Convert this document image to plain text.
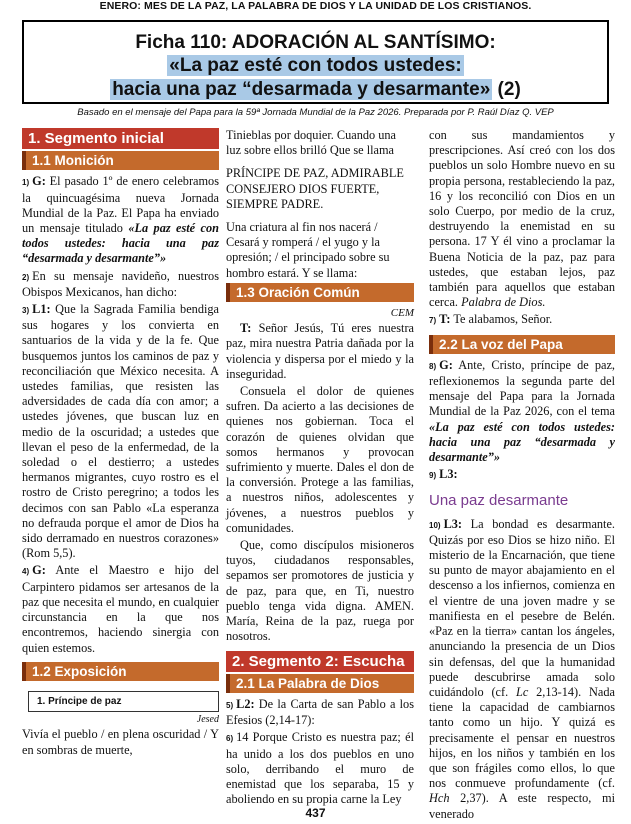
ENERO: MES DE LA PAZ, LA PALABRA DE DIOS Y LA UNIDAD DE LOS CRISTIANOS.
Ficha 110: ADORACIÓN AL SANTÍSIMO:
«La paz esté con todos ustedes:
hacia una paz “desarmada y desarmante» (2)
Basado en el mensaje del Papa para la 59ª Jornada Mundial de la Paz 2026. Preparada por P. Raúl Díaz Q. VEP
1. Segmento inicial
1.1 Monición

1) G: El pasado 1º de enero celebramos la quincuagésima nueva Jornada Mundial de la Paz. El Papa ha enviado un mensaje titulado «La paz esté con todos ustedes: hacia una paz “desarmada y desarmante”»

2) En su mensaje navideño, nuestros Obispos Mexicanos, han dicho:

3) L1: Que la Sagrada Familia bendiga sus hogares y los convierta en santuarios de la vida y de la fe. Que busquemos juntos los caminos de paz y reconciliación que México necesita. A ustedes familias, que resisten las adversidades de cada día con amor; a ustedes jóvenes, que buscan luz en medio de la oscuridad; a ustedes que llevan el peso de la enfermedad, de la soledad o el destierro; a ustedes hermanos migrantes, cuyo rostro es el rostro de Cristo peregrino; a todos les decimos con san Pablo «La esperanza no defrauda porque el amor de Dios ha sido derramado en nuestros corazones» (Rom 5,5).

4) G: Ante el Maestro e hijo del Carpintero pidamos ser artesanos de la paz que necesita el mundo, en cualquier circunstancia en la que nos encontremos, haciendo sinergia con quien estemos.

1.2 Exposición
1. Príncipe de paz
Jesed

Vivía el pueblo / en plena oscuridad / Y en sombras de muerte,

Tinieblas por doquier. Cuando una luz sobre ellos brilló Que se llama

PRÍNCIPE DE PAZ, ADMIRABLE CONSEJERO DIOS FUERTE, SIEMPRE PADRE.

Una criatura al fin nos nacerá / Cesará y romperá / el yugo y la opresión; / el principado sobre su hombro estará. Y se llama:

1.3 Oración Común
CEM

T: Señor Jesús, Tú eres nuestra paz, mira nuestra Patria dañada por la violencia y dispersa por el miedo y la inseguridad.

Consuela el dolor de quienes sufren. Da acierto a las decisiones de quienes nos gobiernan. Toca el corazón de quienes olvidan que somos hermanos y provocan sufrimiento y muerte. Dales el don de la conversión. Protege a las familias, a nuestros niños, adolescentes y jóvenes, a nuestros pueblos y comunidades.

Que, como discípulos misioneros tuyos, ciudadanos responsables, sepamos ser promotores de justicia y de paz, para que, en Ti, nuestro pueblo tenga vida digna. AMEN. María, Reina de la paz, ruega por nosotros.

2. Segmento 2: Escucha
2.1 La Palabra de Dios

5) L2: De la Carta de san Pablo a los Efesios (2,14-17):

6) 14 Porque Cristo es nuestra paz; él ha unido a los dos pueblos en uno solo, derribando el muro de enemistad que los separaba, 15 y aboliendo en su propia carne la Ley

con sus mandamientos y prescripciones. Así creó con los dos pueblos un solo Hombre nuevo en su propia persona, restableciendo la paz, 16 y los reconcilió con Dios en un solo Cuerpo, por medio de la cruz, destruyendo la enemistad en su persona. 17 Y él vino a proclamar la Buena Noticia de la paz, paz para ustedes, que estaban lejos, paz también para aquellos que estaban cerca. Palabra de Dios.

7) T: Te alabamos, Señor.

2.2 La voz del Papa

8) G: Ante, Cristo, príncipe de paz, reflexionemos la segunda parte del mensaje del Papa para la Jornada Mundial de la Paz 2026, con el tema «La paz esté con todos ustedes: hacia una paz “desarmada y desarmante”»

9) L3:

Una paz desarmante

10) L3: La bondad es desarmante. Quizás por eso Dios se hizo niño. El misterio de la Encarnación, que tiene su punto de mayor abajamiento en el descenso a los infiernos, comienza en el vientre de una joven madre y se manifiesta en el pesebre de Belén. «Paz en la tierra» cantan los ángeles, anunciando la presencia de un Dios sin defensas, del que la humanidad puede descubrirse amada solo cuidándolo (cf. Lc 2,13-14). Nada tiene la capacidad de cambiarnos tanto como un hijo. Y quizá es precisamente el pensar en nuestros hijos, en los niños y también en los que son frágiles como ellos, lo que nos conmueve profundamente (cf. Hch 2,37). A este respecto, mi venerado

437
